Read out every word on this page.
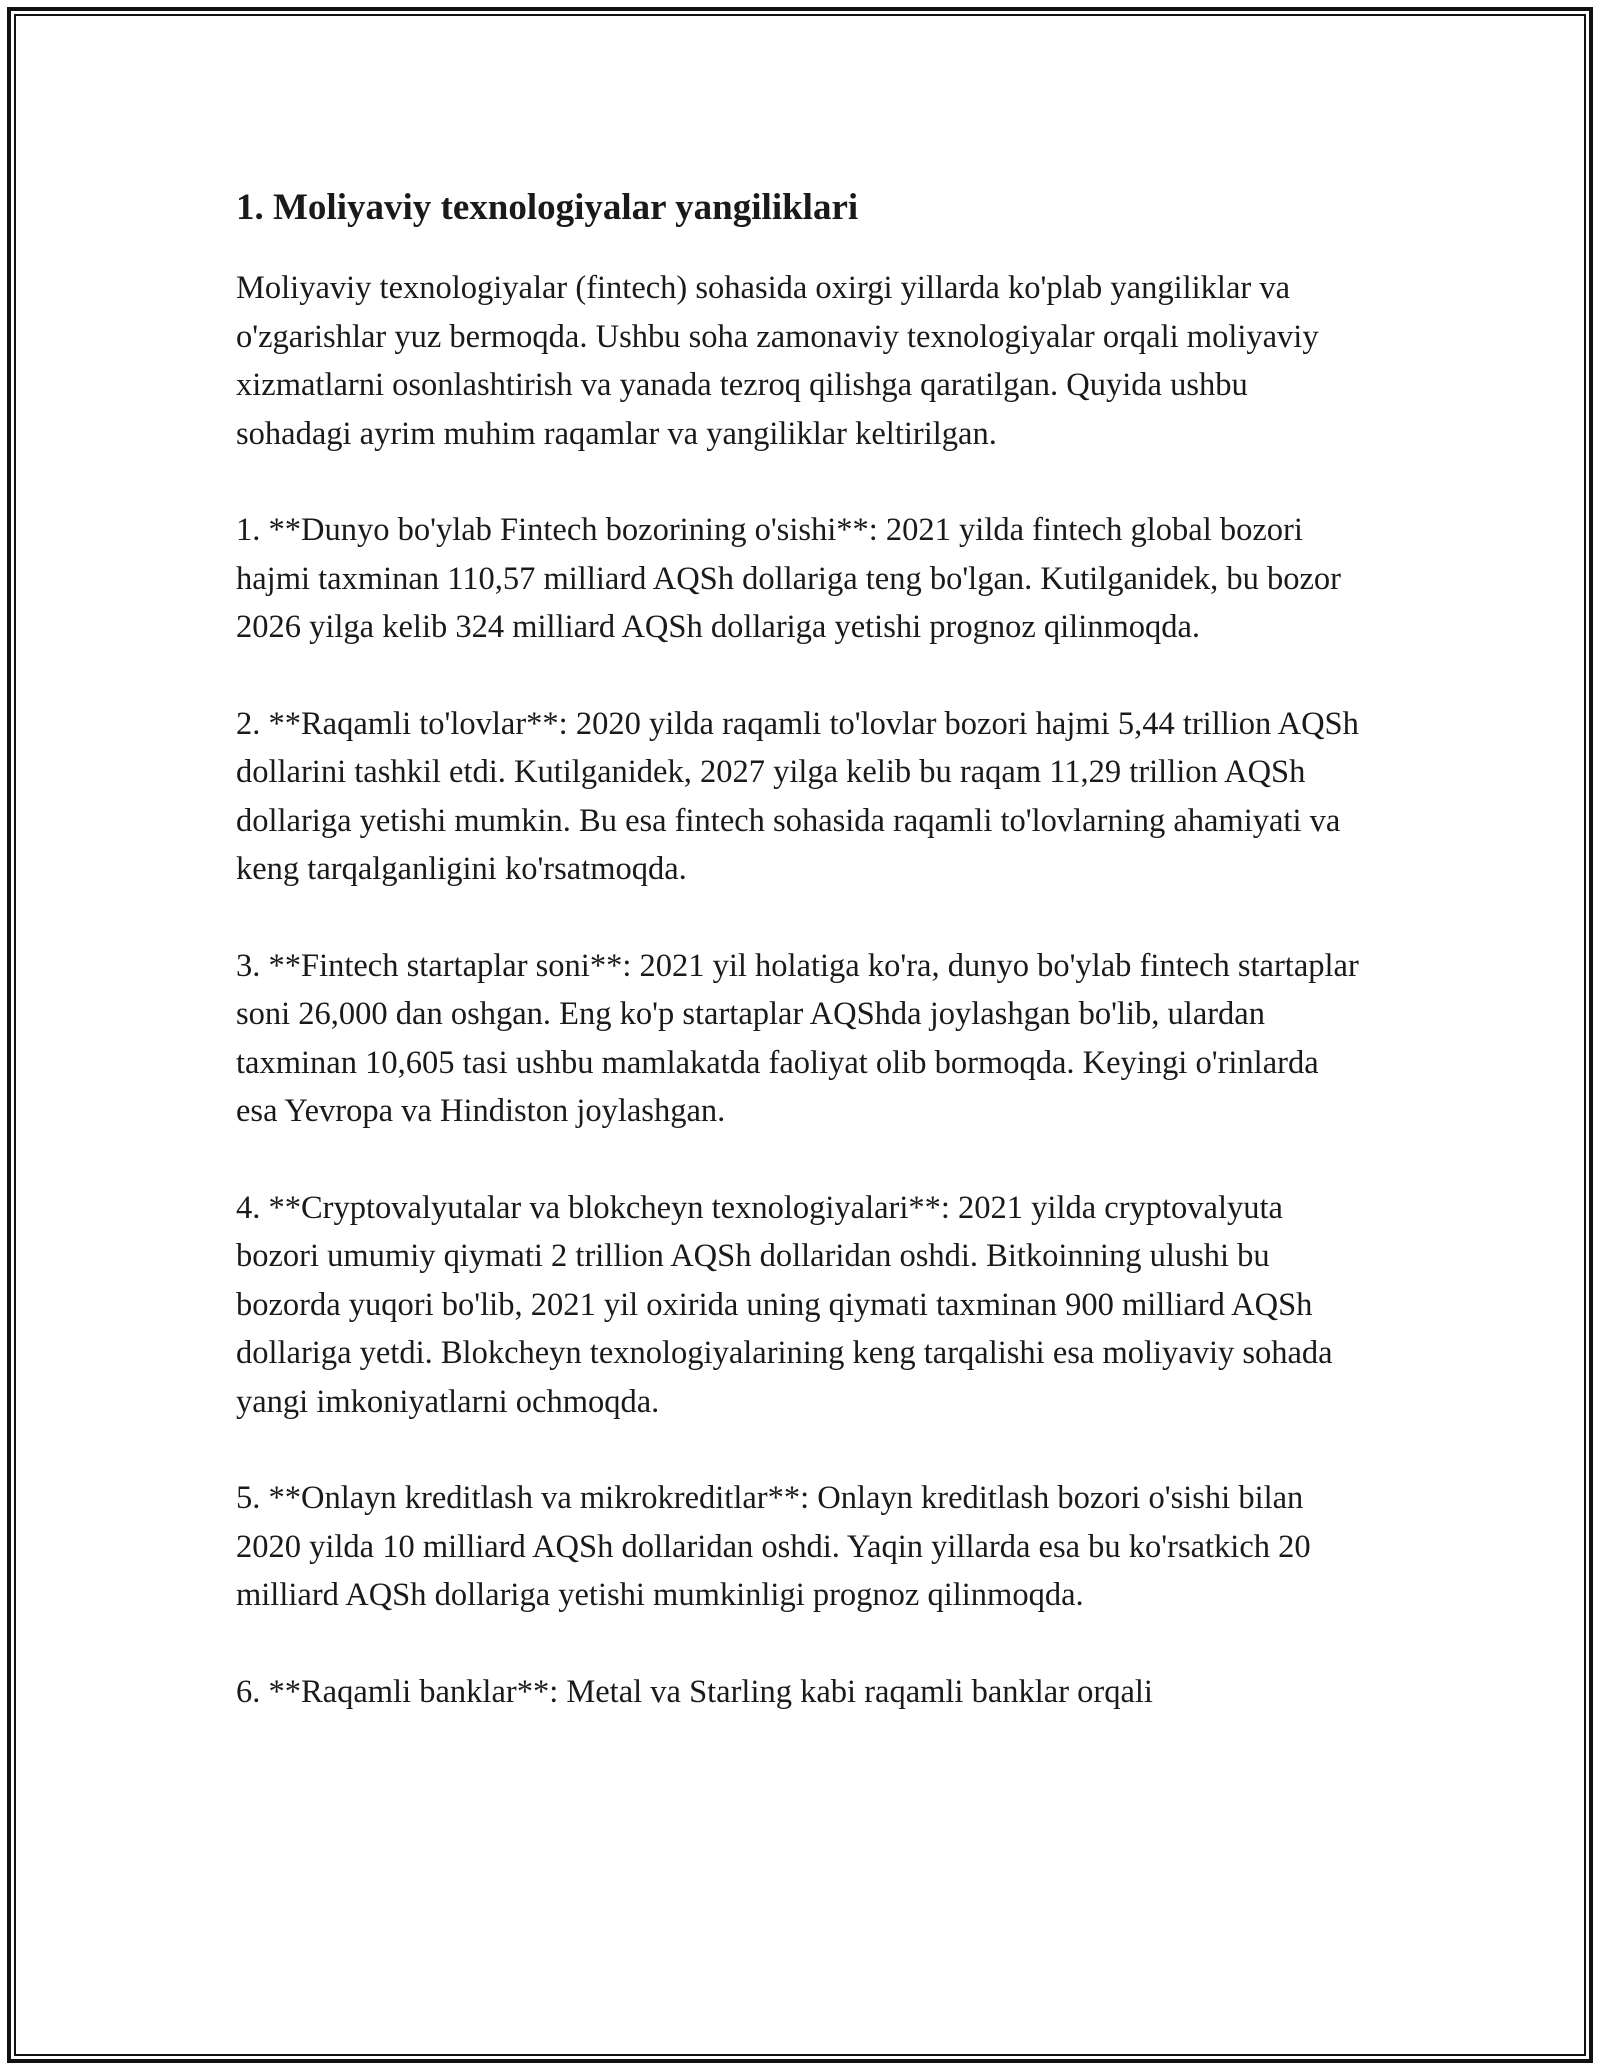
1. Moliyaviy texnologiyalar yangiliklari

Moliyaviy texnologiyalar (fintech) sohasida oxirgi yillarda ko'plab yangiliklar va o'zgarishlar yuz bermoqda. Ushbu soha zamonaviy texnologiyalar orqali moliyaviy xizmatlarni osonlashtirish va yanada tezroq qilishga qaratilgan. Quyida ushbu sohadagi ayrim muhim raqamlar va yangiliklar keltirilgan.

1. **Dunyo bo'ylab Fintech bozorining o'sishi**: 2021 yilda fintech global bozori hajmi taxminan 110,57 milliard AQSh dollariga teng bo'lgan. Kutilganidek, bu bozor 2026 yilga kelib 324 milliard AQSh dollariga yetishi prognoz qilinmoqda.

2. **Raqamli to'lovlar**: 2020 yilda raqamli to'lovlar bozori hajmi 5,44 trillion AQSh dollarini tashkil etdi. Kutilganidek, 2027 yilga kelib bu raqam 11,29 trillion AQSh dollariga yetishi mumkin. Bu esa fintech sohasida raqamli to'lovlarning ahamiyati va keng tarqalganligini ko'rsatmoqda.

3. **Fintech startaplar soni**: 2021 yil holatiga ko'ra, dunyo bo'ylab fintech startaplar soni 26,000 dan oshgan. Eng ko'p startaplar AQShda joylashgan bo'lib, ulardan taxminan 10,605 tasi ushbu mamlakatda faoliyat olib bormoqda. Keyingi o'rinlarda esa Yevropa va Hindiston joylashgan.

4. **Cryptovalyutalar va blokcheyn texnologiyalari**: 2021 yilda cryptovalyuta bozori umumiy qiymati 2 trillion AQSh dollaridan oshdi. Bitkoinning ulushi bu bozorda yuqori bo'lib, 2021 yil oxirida uning qiymati taxminan 900 milliard AQSh dollariga yetdi. Blokcheyn texnologiyalarining keng tarqalishi esa moliyaviy sohada yangi imkoniyatlarni ochmoqda.

5. **Onlayn kreditlash va mikrokreditlar**: Onlayn kreditlash bozori o'sishi bilan 2020 yilda 10 milliard AQSh dollaridan oshdi. Yaqin yillarda esa bu ko'rsatkich 20 milliard AQSh dollariga yetishi mumkinligi prognoz qilinmoqda.

6. **Raqamli banklar**: Metal va Starling kabi raqamli banklar orqali
